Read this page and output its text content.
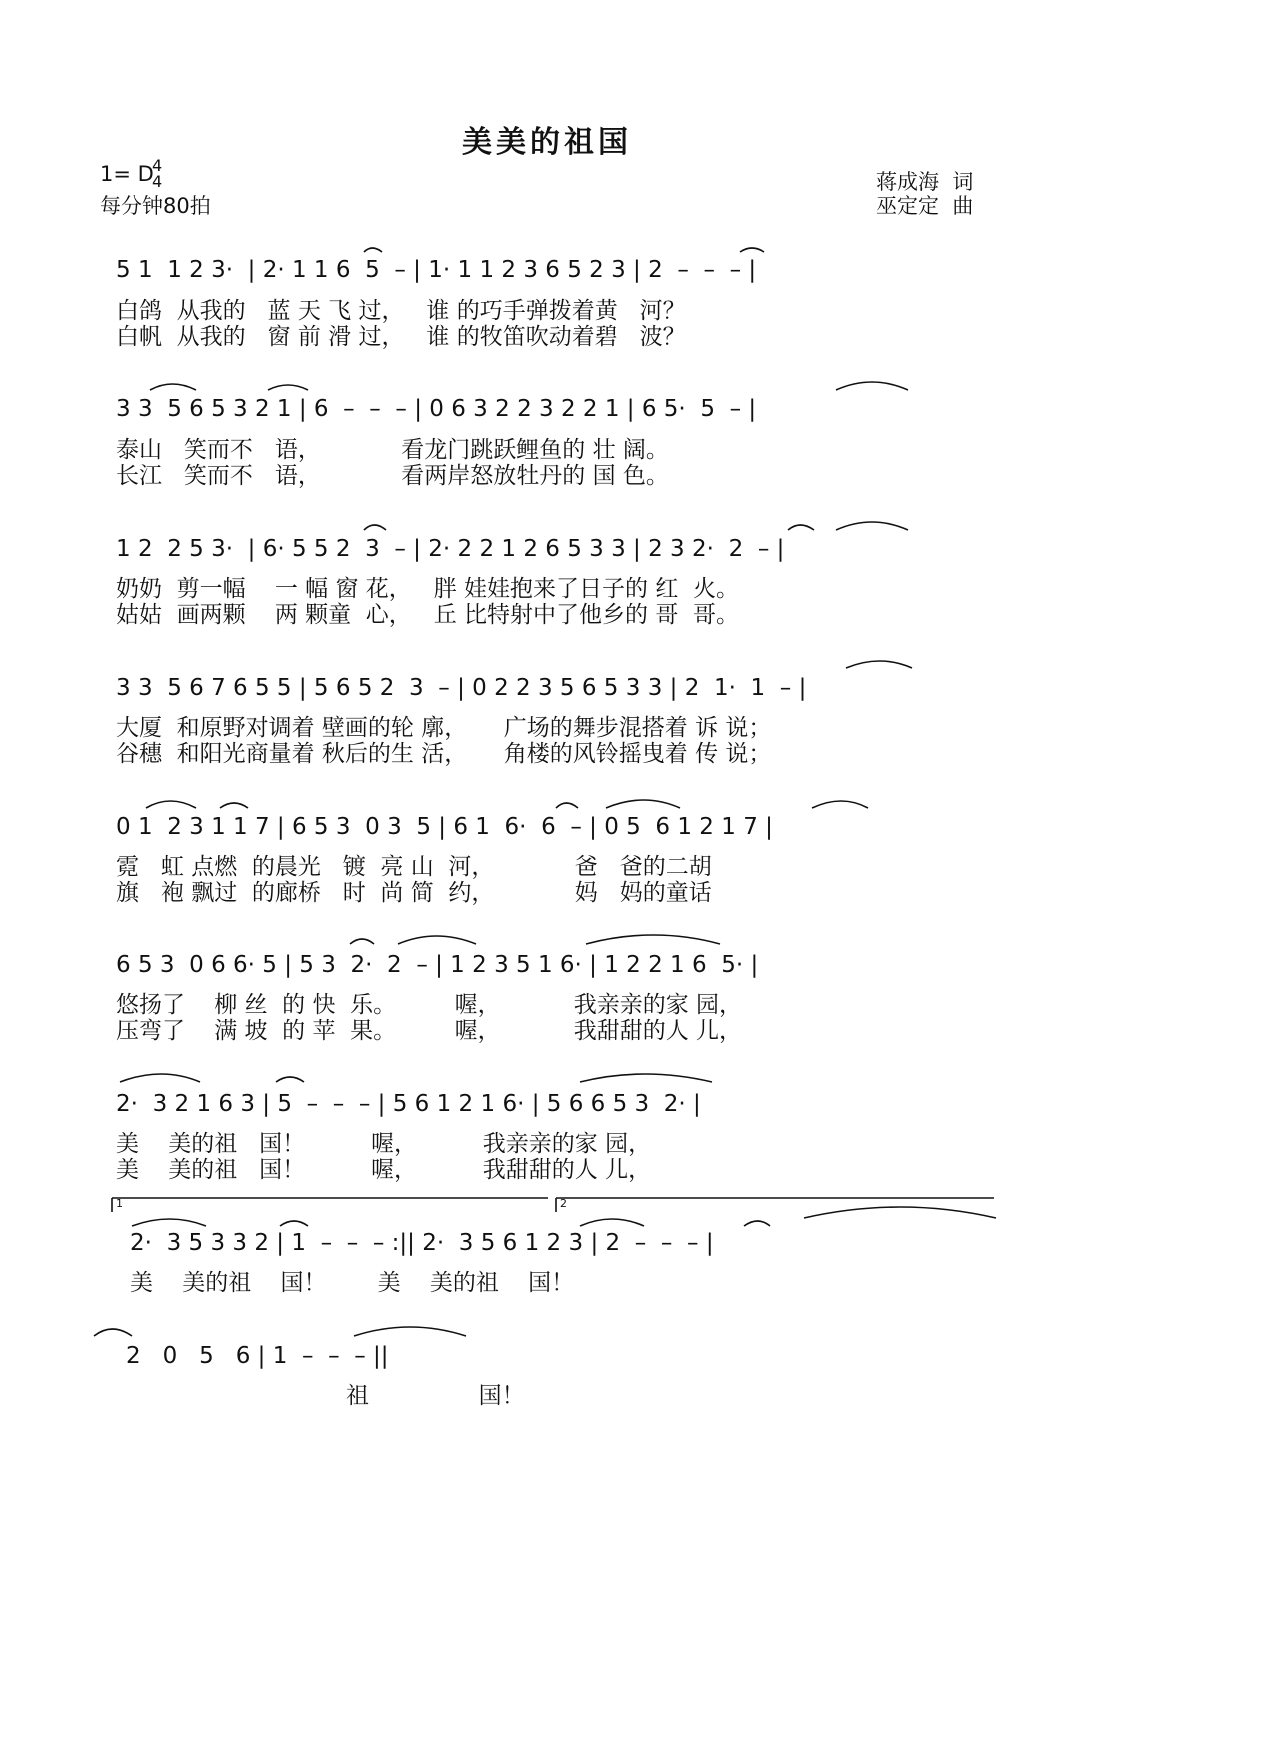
美美的祖国
1= D
4
4
每分钟80拍
蒋成海  词
巫定定  曲
5 1  1 2 3·  | 2· 1 1 6  5  – | 1· 1 1 2 3 6 5 2 3 | 2  –  –  – |
白鸽  从我的   蓝 天 飞 过，   谁 的巧手弹拨着黄   河？
白帆  从我的   窗 前 滑 过，   谁 的牧笛吹动着碧   波？
3 3  5 6 5 3 2 1 | 6  –  –  – | 0 6 3 2 2 3 2 2 1 | 6 5·  5  – |
泰山   笑而不   语，           看龙门跳跃鲤鱼的 壮 阔。
长江   笑而不   语，           看两岸怒放牡丹的 国 色。
1 2  2 5 3·  | 6· 5 5 2  3  – | 2· 2 2 1 2 6 5 3 3 | 2 3 2·  2  – |
奶奶  剪一幅    一 幅 窗 花，   胖 娃娃抱来了日子的 红  火。
姑姑  画两颗    两 颗童  心，   丘 比特射中了他乡的 哥  哥。
3 3  5 6 7 6 5 5 | 5 6 5 2  3  – | 0 2 2 3 5 6 5 3 3 | 2  1·  1  – |
大厦  和原野对调着 壁画的轮 廓，     广场的舞步混搭着 诉 说；
谷穗  和阳光商量着 秋后的生 活，     角楼的风铃摇曳着 传 说；
0 1  2 3 1 1 7 | 6 5 3  0 3  5 | 6 1  6·  6  – | 0 5  6 1 2 1 7 |
霓   虹 点燃  的晨光   镀  亮 山  河，           爸   爸的二胡
旗   袍 飘过  的廊桥   时  尚 简  约，           妈   妈的童话
6 5 3  0 6 6· 5 | 5 3  2·  2  – | 1 2 3 5 1 6· | 1 2 2 1 6  5· |
悠扬了    柳 丝  的 快  乐。        喔，          我亲亲的家 园，
压弯了    满 坡  的 苹  果。        喔，          我甜甜的人 儿，
2·  3 2 1 6 3 | 5  –  –  – | 5 6 1 2 1 6· | 5 6 6 5 3  2· |
美    美的祖   国！         喔，         我亲亲的家 园，
美    美的祖   国！         喔，         我甜甜的人 儿，
1	2
2·  3 5 3 3 2 | 1  –  –  – :|| 2·  3 5 6 1 2 3 | 2  –  –  – |
美    美的祖    国！       美    美的祖    国！
2   0   5   6 | 1  –  –  – ||
祖               国！
